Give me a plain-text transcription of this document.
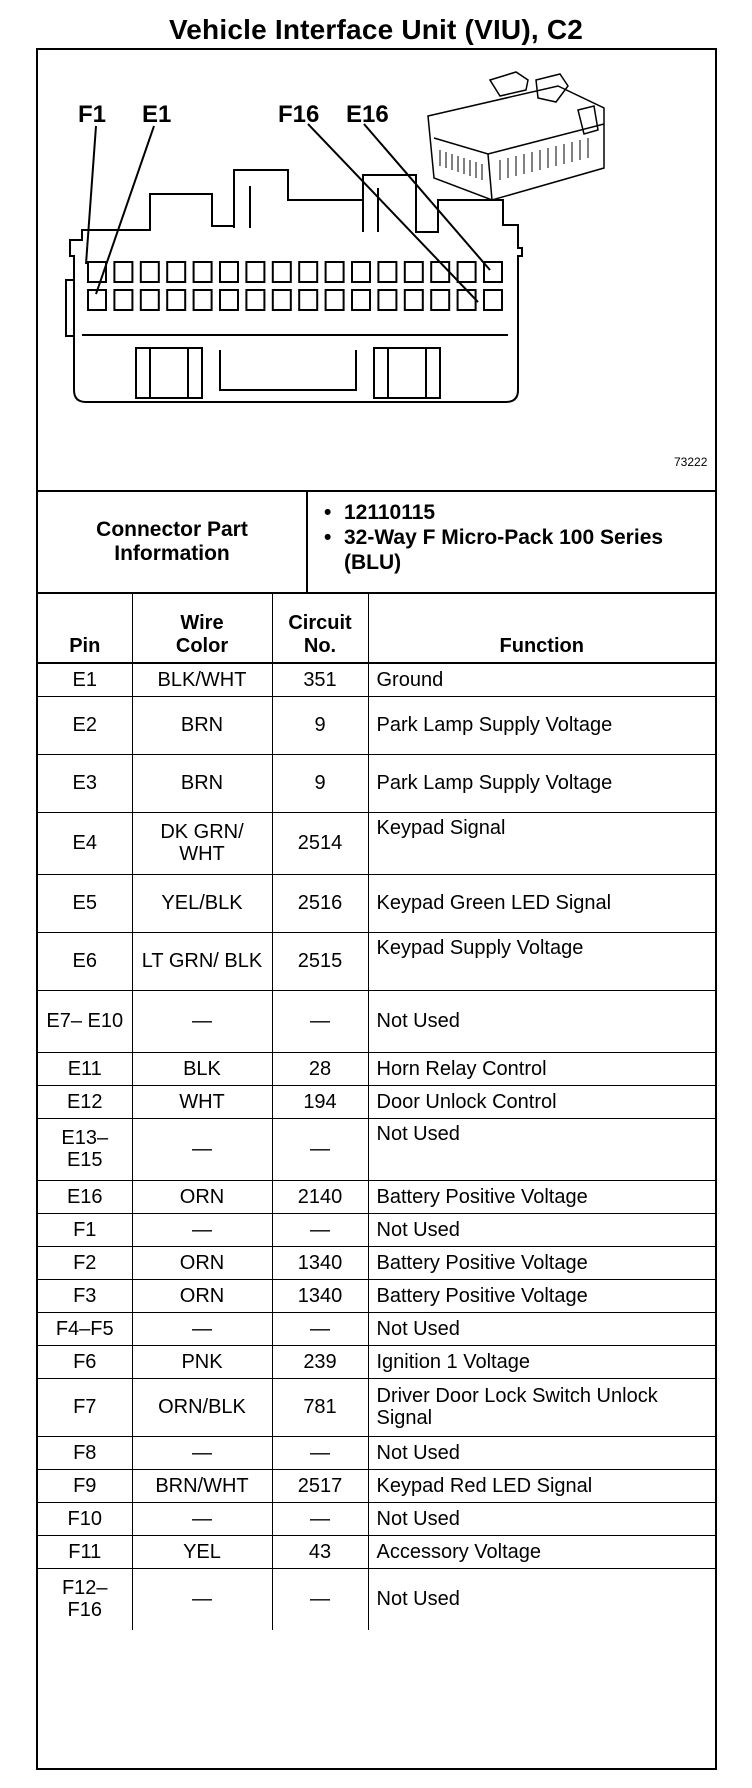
Vehicle Interface Unit (VIU), C2
F1 E1	F16 E16
73222
Connector Part Information
• 12110115
• 32-Way F Micro-Pack 100 Series (BLU)
Pin	Wire Color	Circuit No.	Function
E1	BLK/WHT	351	Ground
E2	BRN	9	Park Lamp Supply Voltage
E3	BRN	9	Park Lamp Supply Voltage
E4	DK GRN/ WHT	2514	Keypad Signal
E5	YEL/BLK	2516	Keypad Green LED Signal
E6	LT GRN/ BLK	2515	Keypad Supply Voltage
E7– E10	—	—	Not Used
E11	BLK	28	Horn Relay Control
E12	WHT	194	Door Unlock Control
E13– E15	—	—	Not Used
E16	ORN	2140	Battery Positive Voltage
F1	—	—	Not Used
F2	ORN	1340	Battery Positive Voltage
F3	ORN	1340	Battery Positive Voltage
F4–F5	—	—	Not Used
F6	PNK	239	Ignition 1 Voltage
F7	ORN/BLK	781	Driver Door Lock Switch Unlock Signal
F8	—	—	Not Used
F9	BRN/WHT	2517	Keypad Red LED Signal
F10	—	—	Not Used
F11	YEL	43	Accessory Voltage
F12– F16	—	—	Not Used
